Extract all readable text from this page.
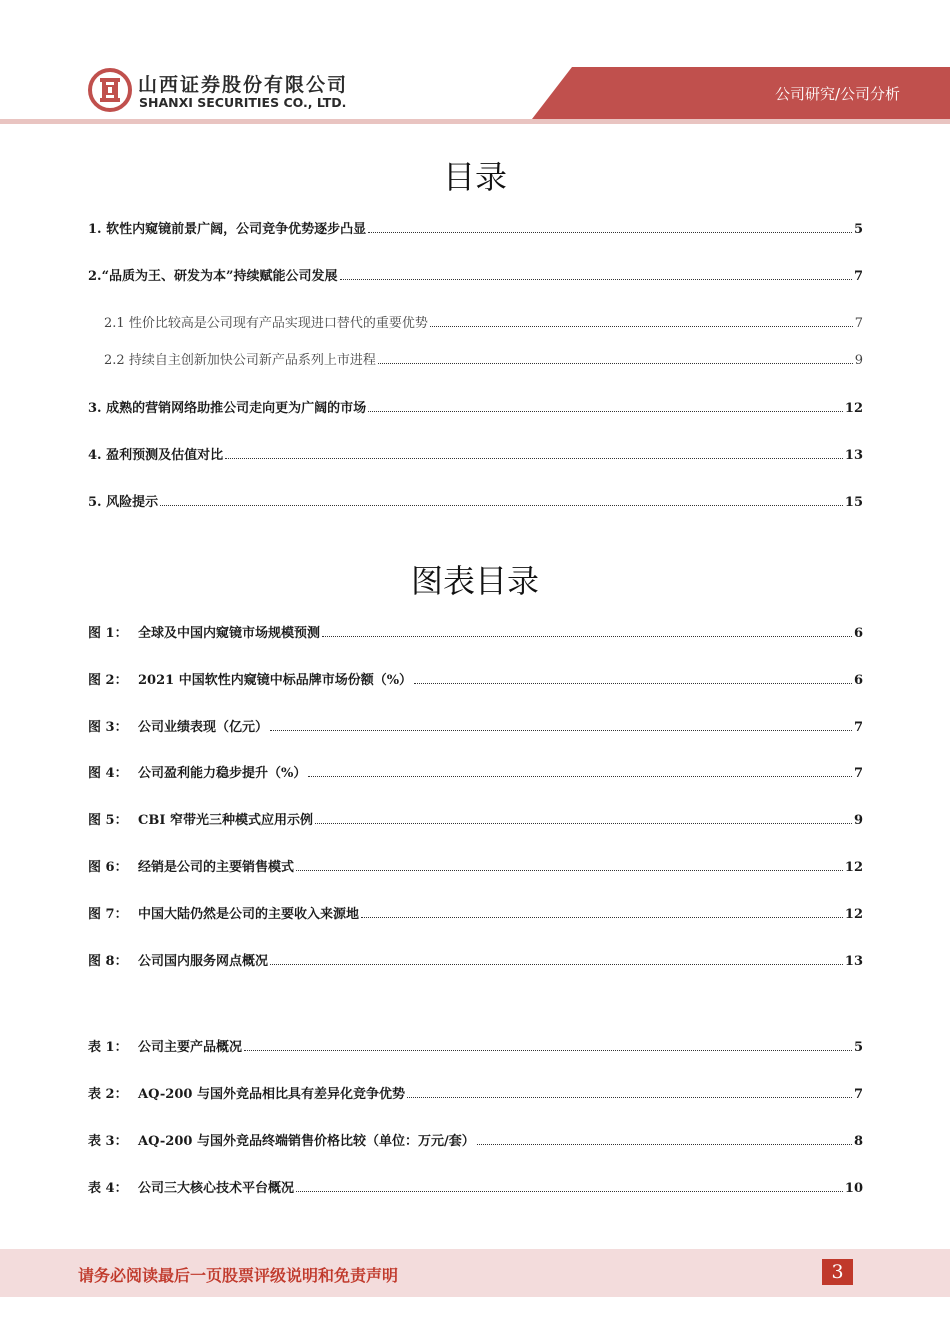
山西证券股份有限公司
SHANXI SECURITIES CO., LTD.	公司研究/公司分析
目录
1.
软性内窥镜前景广阔，公司竞争优势逐步凸显	5
2. “品质为王、研发为本”持续赋能公司发展	7
2.1
性价比较高是公司现有产品实现进口替代的重要优势	7
2.2
持续自主创新加快公司新产品系列上市进程	9
3.
成熟的营销网络助推公司走向更为广阔的市场	12
4.
盈利预测及估值对比	13
5.
风险提示	15
图表目录
图 1： 全球及中国内窥镜市场规模预测	6
图 2： 2021 中国软性内窥镜中标品牌市场份额（%）	6
图 3： 公司业绩表现（亿元）	7
图 4： 公司盈利能力稳步提升（%）	7
图 5： CBI 窄带光三种模式应用示例	9
图 6： 经销是公司的主要销售模式	12
图 7： 中国大陆仍然是公司的主要收入来源地	12
图 8： 公司国内服务网点概况	13
表 1： 公司主要产品概况	5
表 2： AQ-200 与国外竞品相比具有差异化竞争优势	7
表 3： AQ-200 与国外竞品终端销售价格比较（单位：万元/套）	8
表 4： 公司三大核心技术平台概况	10
请务必阅读最后一页股票评级说明和免责声明	3
